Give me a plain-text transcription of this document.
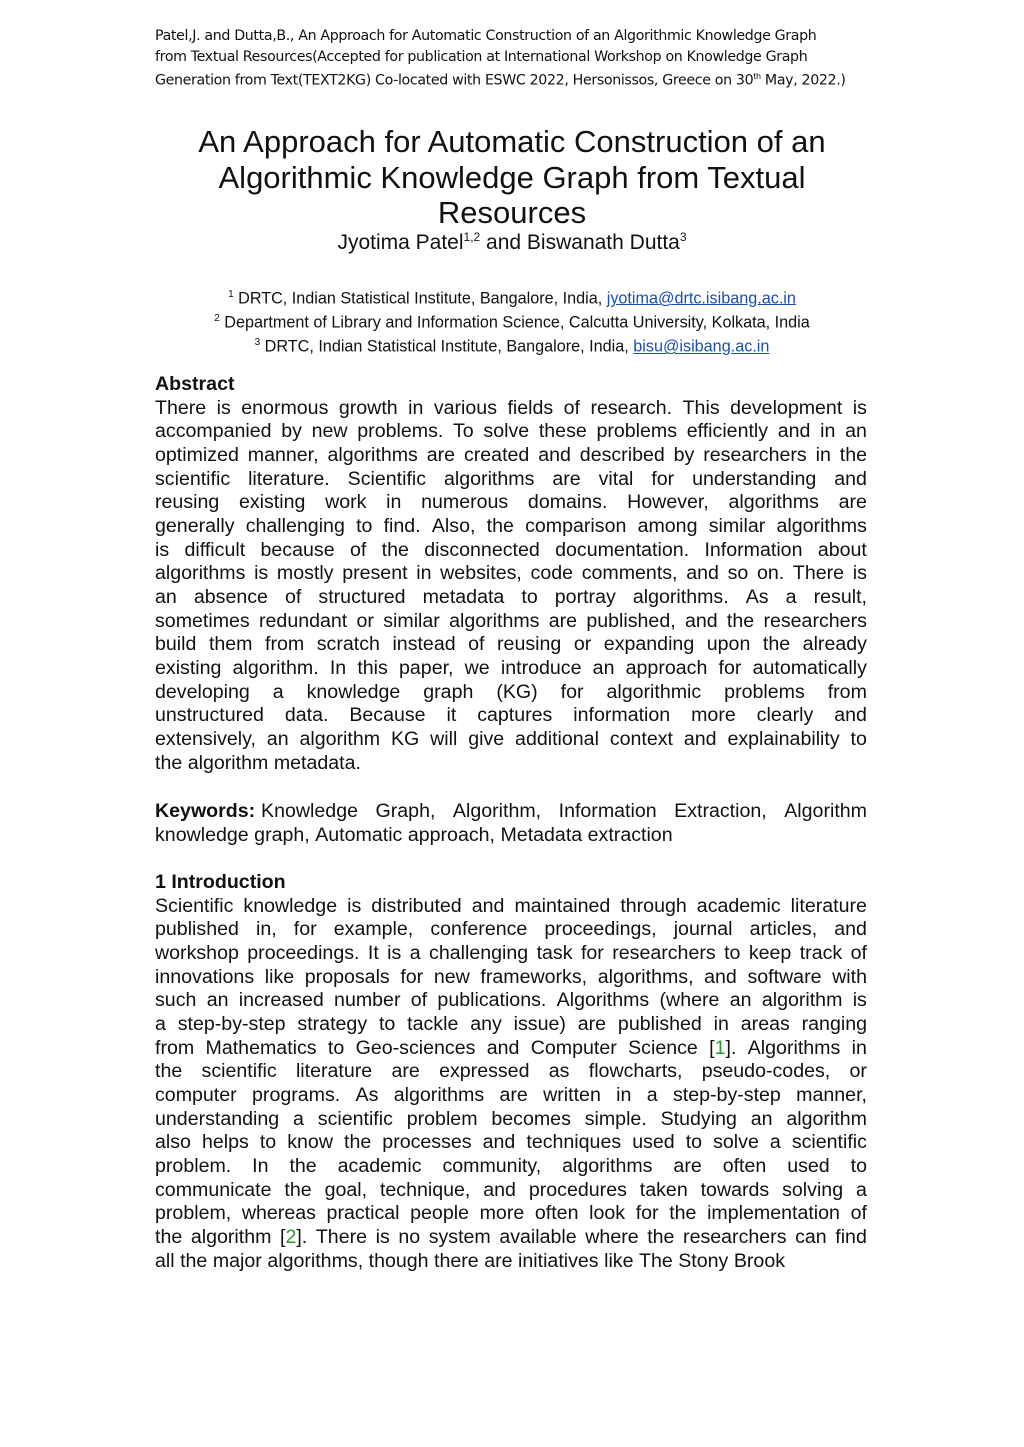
Patel,J. and Dutta,B., An Approach for Automatic Construction of an Algorithmic Knowledge Graph
from Textual Resources(Accepted for publication at International Workshop on Knowledge Graph
Generation from Text(TEXT2KG) Co-located with ESWC 2022, Hersonissos, Greece on 30th May, 2022.)
An Approach for Automatic Construction of an
Algorithmic Knowledge Graph from Textual
Resources
Jyotima Patel$^{1,2}$ and Biswanath Dutta$^3$
$^1$ DRTC, Indian Statistical Institute, Bangalore, India, jyotima@drtc.isibang.ac.in
$^2$ Department of Library and Information Science, Calcutta University, Kolkata, India
$^3$ DRTC, Indian Statistical Institute, Bangalore, India, bisu@isibang.ac.in
Abstract
There is enormous growth in various fields of research. This development is
accompanied by new problems. To solve these problems efficiently and in an
optimized manner, algorithms are created and described by researchers in the
scientific literature. Scientific algorithms are vital for understanding and
reusing existing work in numerous domains. However, algorithms are
generally challenging to find. Also, the comparison among similar algorithms
is difficult because of the disconnected documentation. Information about
algorithms is mostly present in websites, code comments, and so on. There is
an absence of structured metadata to portray algorithms. As a result,
sometimes redundant or similar algorithms are published, and the researchers
build them from scratch instead of reusing or expanding upon the already
existing algorithm. In this paper, we introduce an approach for automatically
developing a knowledge graph (KG) for algorithmic problems from
unstructured data. Because it captures information more clearly and
extensively, an algorithm KG will give additional context and explainability to
the algorithm metadata.
Keywords: Knowledge Graph, Algorithm, Information Extraction, Algorithm
knowledge graph, Automatic approach, Metadata extraction
1 Introduction
Scientific knowledge is distributed and maintained through academic literature
published in, for example, conference proceedings, journal articles, and
workshop proceedings. It is a challenging task for researchers to keep track of
innovations like proposals for new frameworks, algorithms, and software with
such an increased number of publications. Algorithms (where an algorithm is
a step-by-step strategy to tackle any issue) are published in areas ranging
from Mathematics to Geo-sciences and Computer Science [1]. Algorithms in
the scientific literature are expressed as flowcharts, pseudo-codes, or
computer programs. As algorithms are written in a step-by-step manner,
understanding a scientific problem becomes simple. Studying an algorithm
also helps to know the processes and techniques used to solve a scientific
problem. In the academic community, algorithms are often used to
communicate the goal, technique, and procedures taken towards solving a
problem, whereas practical people more often look for the implementation of
the algorithm [2]. There is no system available where the researchers can find
all the major algorithms, though there are initiatives like The Stony Brook
